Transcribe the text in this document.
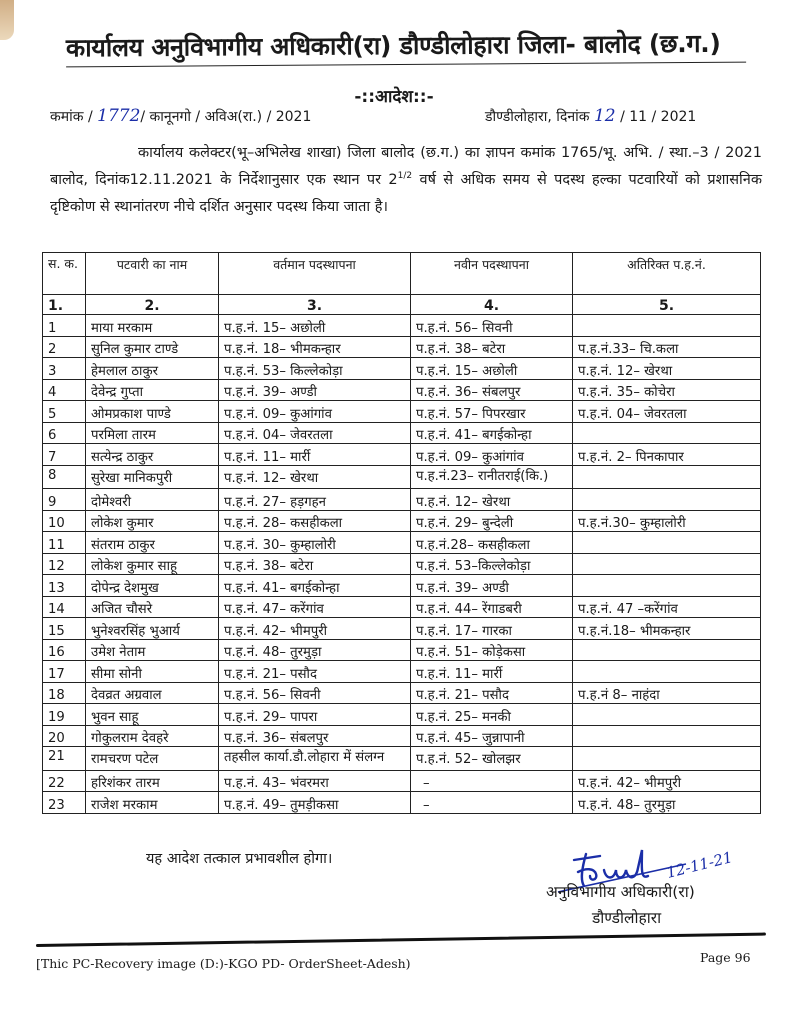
कार्यालय अनुविभागीय अधिकारी(रा) डौण्डीलोहारा जिला- बालोद (छ.ग.)
-::आदेश::-
कमांक / 1772/ कानूनगो / अविअ(रा.) / 2021	डौण्डीलोहारा, दिनांक 12 / 11 / 2021
कार्यालय कलेक्टर(भू–अभिलेख शाखा) जिला बालोद (छ.ग.) का ज्ञापन कमांक 1765/भू. अभि. / स्था.–3 / 2021 बालोद, दिनांक12.11.2021 के निर्देशानुसार एक स्थान पर $2^{1/2}$ वर्ष से अधिक समय से पदस्थ हल्का पटवारियों को प्रशासनिक दृष्टिकोण से स्थानांतरण नीचे दर्शित अनुसार पदस्थ किया जाता है।
स. क.	पटवारी का नाम	वर्तमान पदस्थापना	नवीन पदस्थापना	अतिरिक्त प.ह.नं.
1.	2.	3.	4.	5.
1	माया मरकाम	प.ह.नं. 15– अछोली	प.ह.नं. 56– सिवनी	
2	सुनिल कुमार टाण्डे	प.ह.नं. 18– भीमकन्हार	प.ह.नं. 38– बटेरा	प.ह.नं.33– चि.कला
3	हेमलाल ठाकुर	प.ह.नं. 53– किल्लेकोड़ा	प.ह.नं. 15– अछोली	प.ह.नं. 12– खेरथा
4	देवेन्द्र गुप्ता	प.ह.नं. 39– अण्डी	प.ह.नं. 36– संबलपुर	प.ह.नं. 35– कोचेरा
5	ओमप्रकाश पाण्डे	प.ह.नं. 09– कुआंगांव	प.ह.नं. 57– पिपरखार	प.ह.नं. 04– जेवरतला
6	परमिला तारम	प.ह.नं. 04– जेवरतला	प.ह.नं. 41– बगईकोन्हा	
7	सत्येन्द्र ठाकुर	प.ह.नं. 11– मार्री	प.ह.नं. 09– कुआंगांव	प.ह.नं. 2– पिनकापार
8	सुरेखा मानिकपुरी	प.ह.नं. 12– खेरथा	प.ह.नं.23– रानीतराई(कि.)	
9	दोमेश्वरी	प.ह.नं. 27– हड़गहन	प.ह.नं. 12– खेरथा	
10	लोकेश कुमार	प.ह.नं. 28– कसहीकला	प.ह.नं. 29– बुन्देली	प.ह.नं.30– कुम्हालोरी
11	संतराम ठाकुर	प.ह.नं. 30– कुम्हालोरी	प.ह.नं.28– कसहीकला	
12	लोकेश कुमार साहू	प.ह.नं. 38– बटेरा	प.ह.नं. 53–किल्लेकोड़ा	
13	दोपेन्द्र देशमुख	प.ह.नं. 41– बगईकोन्हा	प.ह.नं. 39– अण्डी	
14	अजित चौसरे	प.ह.नं. 47– करेंगांव	प.ह.नं. 44– रेंगाडबरी	प.ह.नं. 47 –करेंगांव
15	भुनेश्वरसिंह भुआर्य	प.ह.नं. 42– भीमपुरी	प.ह.नं. 17– गारका	प.ह.नं.18– भीमकन्हार
16	उमेश नेताम	प.ह.नं. 48– तुरमुड़ा	प.ह.नं. 51– कोड़ेकसा	
17	सीमा सोनी	प.ह.नं. 21– पसौद	प.ह.नं. 11– मार्री	
18	देवव्रत अग्रवाल	प.ह.नं. 56– सिवनी	प.ह.नं. 21– पसौद	प.ह.नं 8– नाहंदा
19	भुवन साहू	प.ह.नं. 29– पापरा	प.ह.नं. 25– मनकी	
20	गोकुलराम देवहरे	प.ह.नं. 36– संबलपुर	प.ह.नं. 45– जुन्नापानी	
21	रामचरण पटेल	तहसील कार्या.डौ.लोहारा में संलग्न	प.ह.नं. 52– खोलझर	
22	हरिशंकर तारम	प.ह.नं. 43– भंवरमरा	–	प.ह.नं. 42– भीमपुरी
23	राजेश मरकाम	प.ह.नं. 49– तुमड़ीकसा	–	प.ह.नं. 48– तुरमुड़ा
यह आदेश तत्काल प्रभावशील होगा।	12-11-21
अनुविभागीय अधिकारी(रा)
डौण्डीलोहारा
[Thic PC-Recovery image (D:)-KGO PD- OrderSheet-Adesh)	Page 96
